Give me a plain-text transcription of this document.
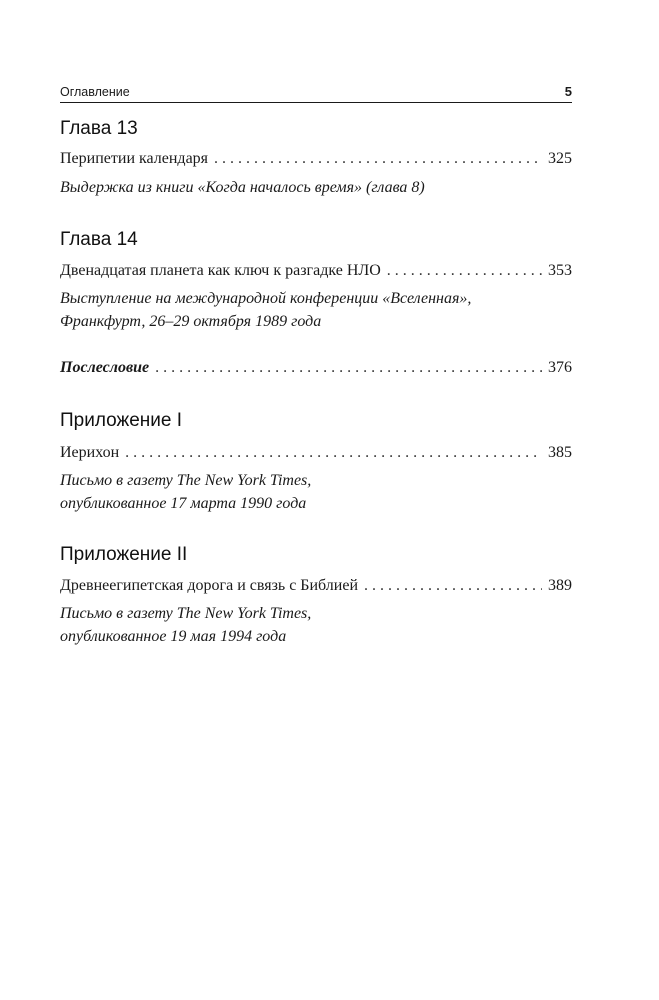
Оглавление	5
Глава 13
Перипетии календаря . . .	325
Выдержка из книги «Когда началось время» (глава 8)
Глава 14
Двенадцатая планета как ключ к разгадке НЛО . . .	353
Выступление на международной конференции «Вселенная»,
Франкфурт, 26–29 октября 1989 года
Послесловие . . .	376
Приложение I
Иерихон . . .	385
Письмо в газету The New York Times,
опубликованное 17 марта 1990 года
Приложение II
Древнеегипетская дорога и связь с Библией . . .	389
Письмо в газету The New York Times,
опубликованное 19 мая 1994 года
